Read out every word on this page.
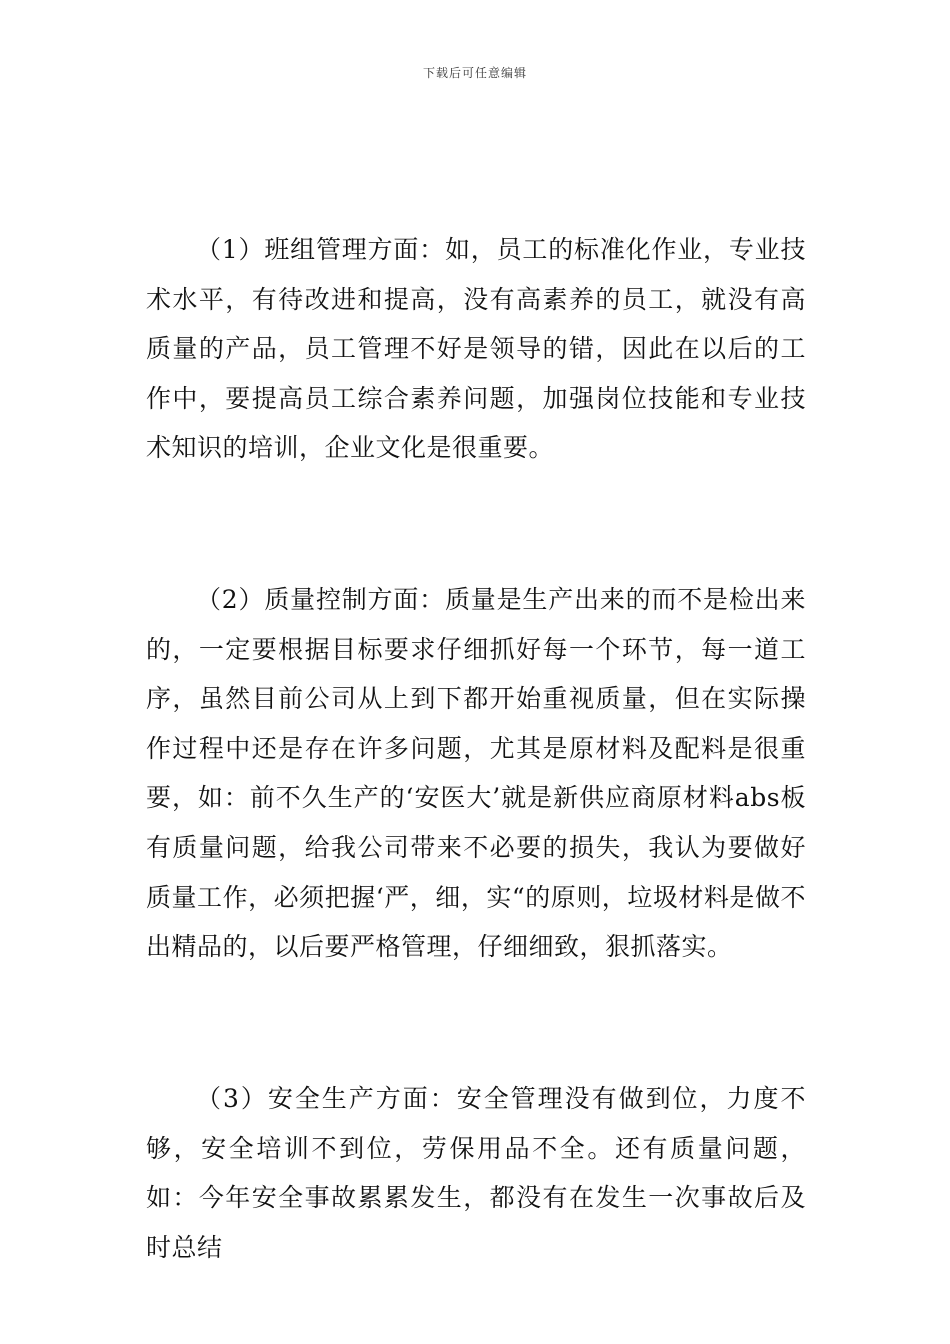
下载后可任意编辑

（1）班组管理方面：如，员工的标准化作业，专业技术水平，有待改进和提高，没有高素养的员工，就没有高质量的产品，员工管理不好是领导的错，因此在以后的工作中，要提高员工综合素养问题，加强岗位技能和专业技术知识的培训，企业文化是很重要。

（2）质量控制方面：质量是生产出来的而不是检出来的，一定要根据目标要求仔细抓好每一个环节，每一道工序，虽然目前公司从上到下都开始重视质量，但在实际操作过程中还是存在许多问题，尤其是原材料及配料是很重要，如：前不久生产的‘安医大’就是新供应商原材料abs板有质量问题，给我公司带来不必要的损失，我认为要做好质量工作，必须把握‘严，细，实“的原则，垃圾材料是做不出精品的，以后要严格管理，仔细细致，狠抓落实。

（3）安全生产方面：安全管理没有做到位，力度不够，安全培训不到位，劳保用品不全。还有质量问题，如：今年安全事故累累发生，都没有在发生一次事故后及时总结
